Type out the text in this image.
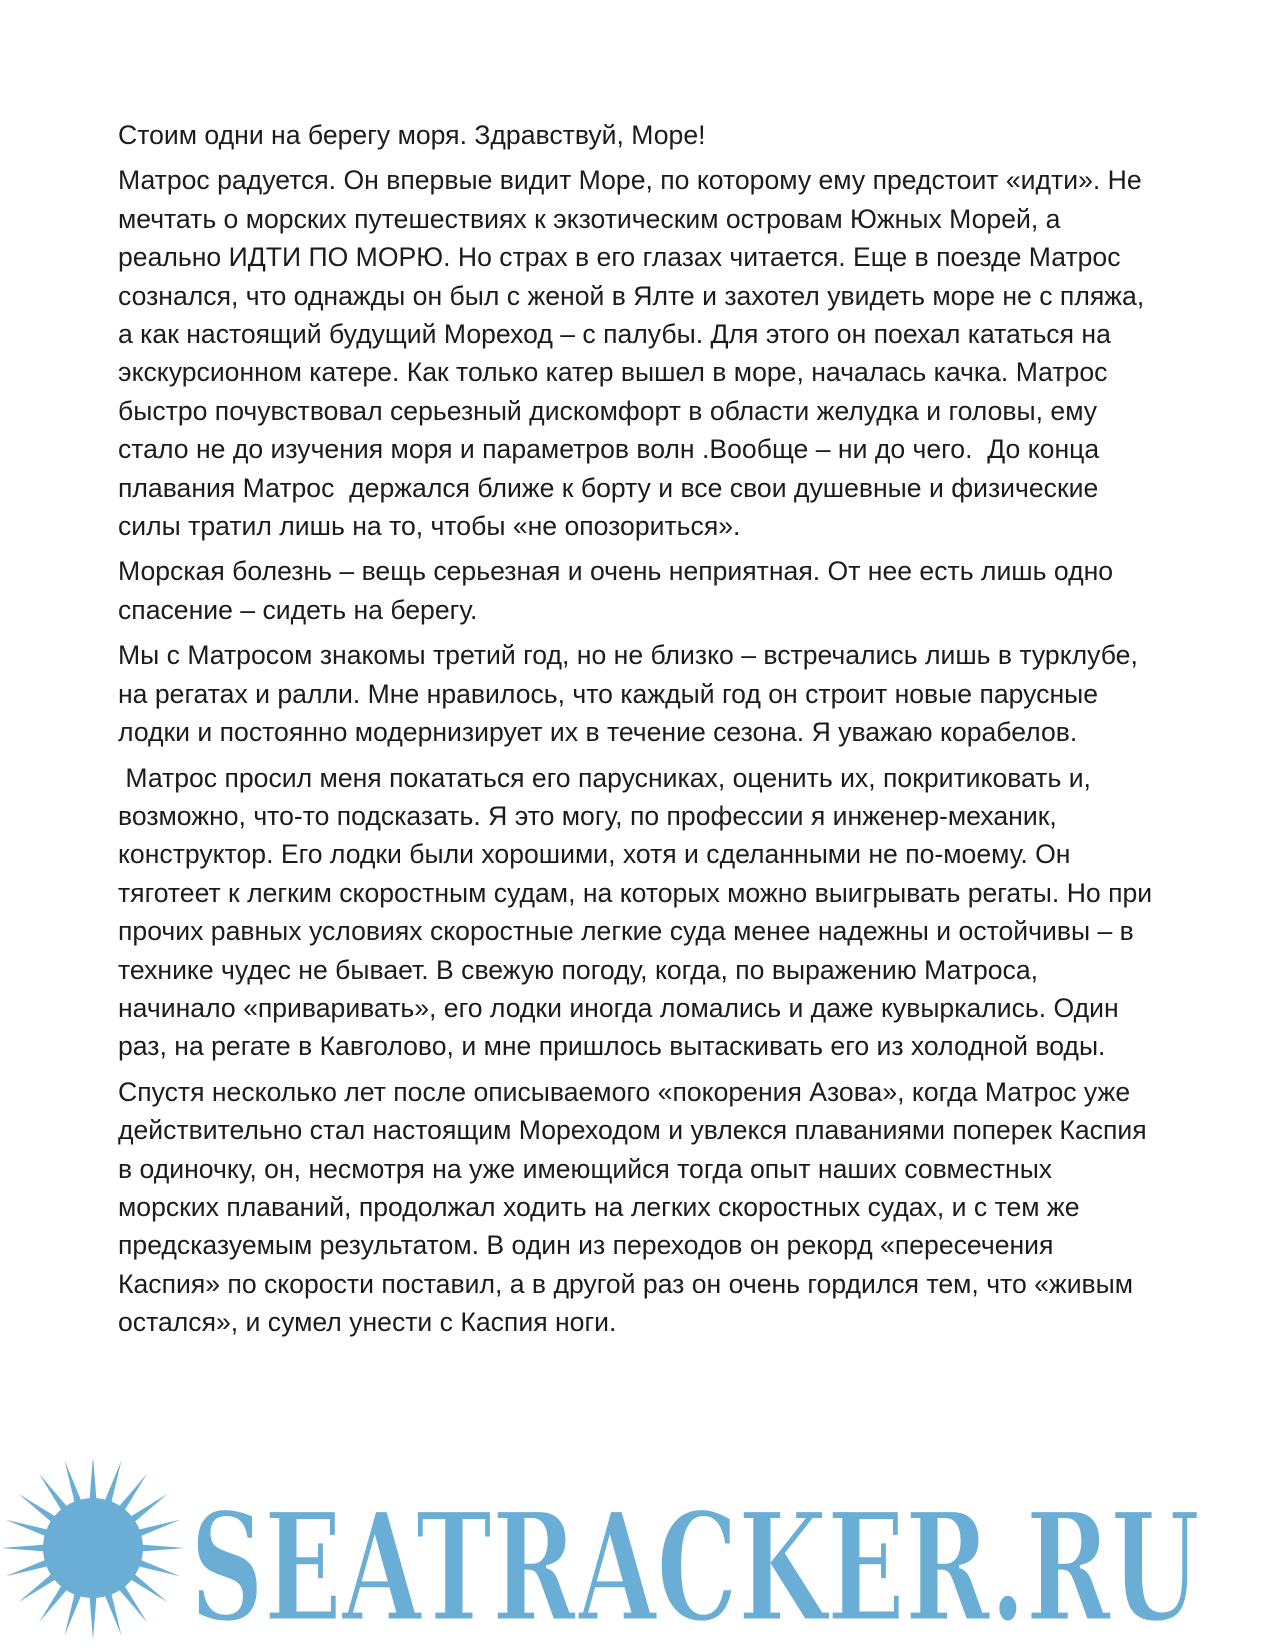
Стоим одни на берегу моря. Здравствуй, Море!

Матрос радуется. Он впервые видит Море, по которому ему предстоит «идти». Не мечтать о морских путешествиях к экзотическим островам Южных Морей, а реально ИДТИ ПО МОРЮ. Но страх в его глазах читается. Еще в поезде Матрос сознался, что однажды он был с женой в Ялте и захотел увидеть море не с пляжа, а как настоящий будущий Мореход – с палубы. Для этого он поехал кататься на экскурсионном катере. Как только катер вышел в море, началась качка. Матрос быстро почувствовал серьезный дискомфорт в области желудка и головы, ему стало не до изучения моря и параметров волн .Вообще – ни до чего.  До конца плавания Матрос  держался ближе к борту и все свои душевные и физические силы тратил лишь на то, чтобы «не опозориться».

Морская болезнь – вещь серьезная и очень неприятная. От нее есть лишь одно спасение – сидеть на берегу.

Мы с Матросом знакомы третий год, но не близко – встречались лишь в турклубе, на регатах и ралли. Мне нравилось, что каждый год он строит новые парусные лодки и постоянно модернизирует их в течение сезона. Я уважаю корабелов.

Матрос просил меня покататься его парусниках, оценить их, покритиковать и, возможно, что-то подсказать. Я это могу, по профессии я инженер-механик, конструктор. Его лодки были хорошими, хотя и сделанными не по-моему. Он тяготеет к легким скоростным судам, на которых можно выигрывать регаты. Но при прочих равных условиях скоростные легкие суда менее надежны и остойчивы – в технике чудес не бывает. В свежую погоду, когда, по выражению Матроса, начинало «приваривать», его лодки иногда ломались и даже кувыркались. Один раз, на регате в Кавголово, и мне пришлось вытаскивать его из холодной воды.

Спустя несколько лет после описываемого «покорения Азова», когда Матрос уже действительно стал настоящим Мореходом и увлекся плаваниями поперек Каспия в одиночку, он, несмотря на уже имеющийся тогда опыт наших совместных морских плаваний, продолжал ходить на легких скоростных судах, и с тем же предсказуемым результатом. В один из переходов он рекорд «пересечения Каспия» по скорости поставил, а в другой раз он очень гордился тем, что «живым остался», и сумел унести с Каспия ноги.

SEATRACKER.RU
